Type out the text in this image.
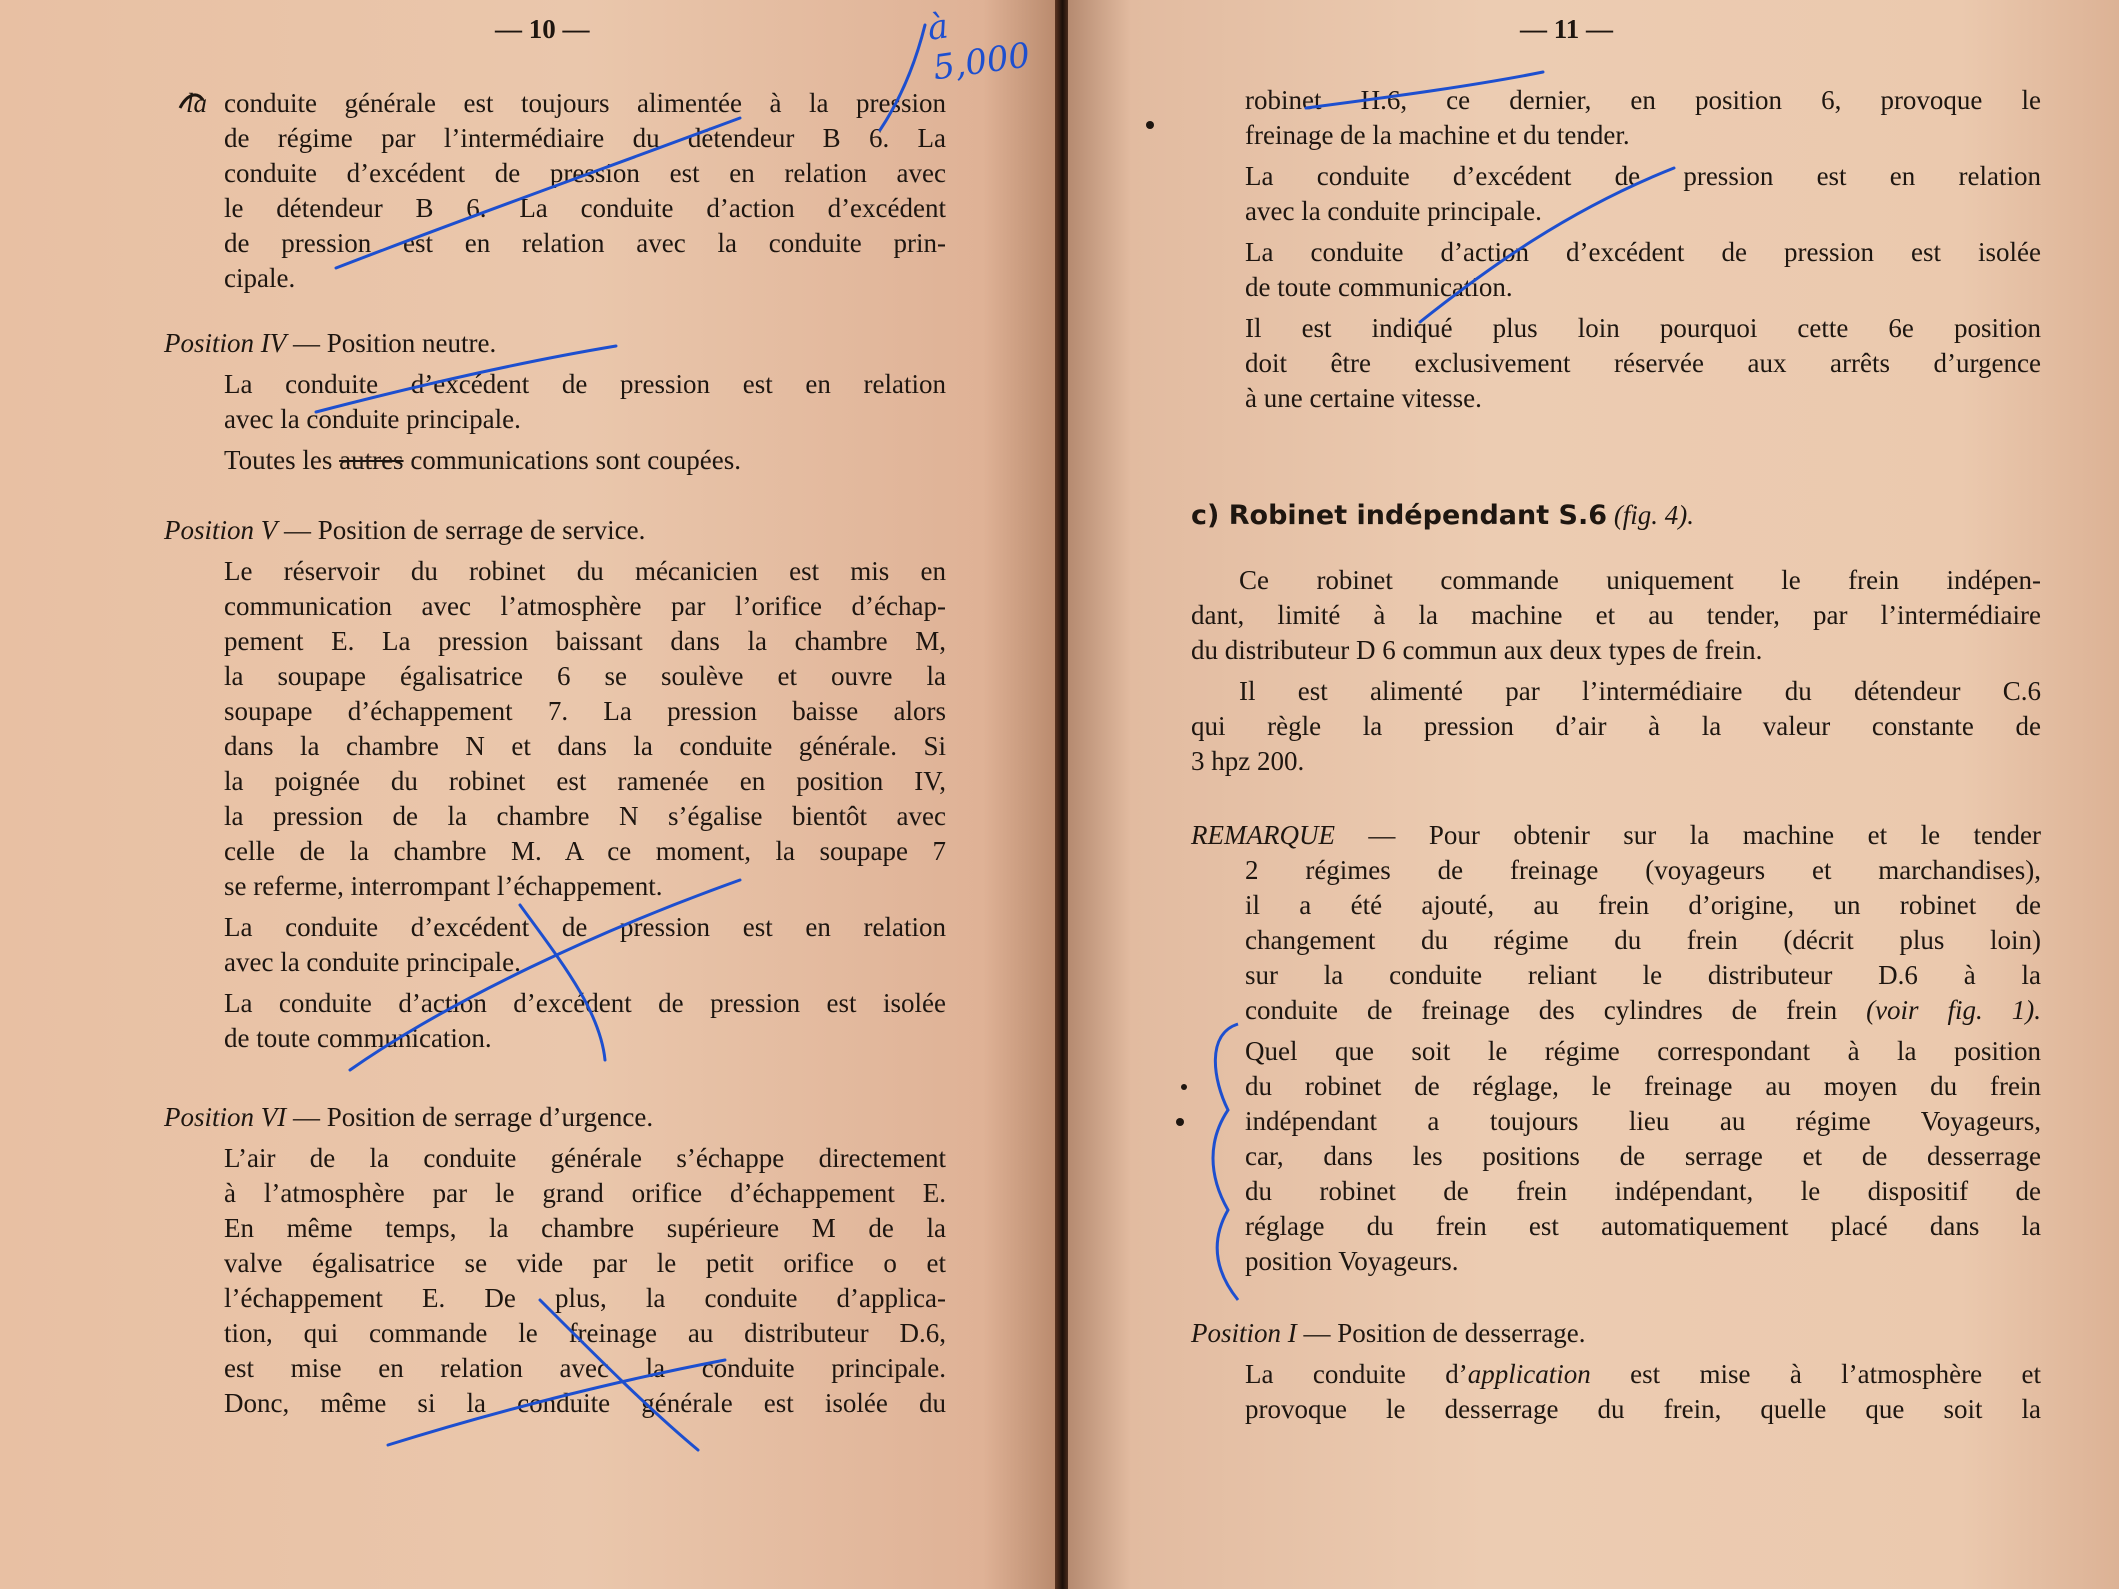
— 10 —

la conduite générale est toujours alimentée à la pression

de régime par l’intermédiaire du détendeur B 6. La

conduite d’excédent de pression est en relation avec

le détendeur B 6. La conduite d’action d’excédent

de pression est en relation avec la conduite prin-

cipale.

Position IV — Position neutre.

La conduite d’excédent de pression est en relation

avec la conduite principale.

Toutes les autres communications sont coupées.

Position V — Position de serrage de service.

Le réservoir du robinet du mécanicien est mis en

communication avec l’atmosphère par l’orifice d’échap-

pement E. La pression baissant dans la chambre M,

la soupape égalisatrice 6 se soulève et ouvre la

soupape d’échappement 7. La pression baisse alors

dans la chambre N et dans la conduite générale. Si

la poignée du robinet est ramenée en position IV,

la pression de la chambre N s’égalise bientôt avec

celle de la chambre M. A ce moment, la soupape 7

se referme, interrompant l’échappement.

La conduite d’excédent de pression est en relation

avec la conduite principale.

La conduite d’action d’excédent de pression est isolée

de toute communication.

Position VI — Position de serrage d’urgence.

L’air de la conduite générale s’échappe directement

à l’atmosphère par le grand orifice d’échappement E.

En même temps, la chambre supérieure M de la

valve égalisatrice se vide par le petit orifice o et

l’échappement E. De plus, la conduite d’applica-

tion, qui commande le freinage au distributeur D.6,

est mise en relation avec la conduite principale.

Donc, même si la conduite générale est isolée du

à 5,000
— 11 —

robinet H.6, ce dernier, en position 6, provoque le

freinage de la machine et du tender.

La conduite d’excédent de pression est en relation

avec la conduite principale.

La conduite d’action d’excédent de pression est isolée

de toute communication.

Il est indiqué plus loin pourquoi cette 6e position

doit être exclusivement réservée aux arrêts d’urgence

à une certaine vitesse.

c) Robinet indépendant S.6 (fig. 4).

Ce robinet commande uniquement le frein indépen-

dant, limité à la machine et au tender, par l’intermédiaire

du distributeur D 6 commun aux deux types de frein.

Il est alimenté par l’intermédiaire du détendeur C.6

qui règle la pression d’air à la valeur constante de

3 hpz 200.

REMARQUE — Pour obtenir sur la machine et le tender

2 régimes de freinage (voyageurs et marchandises),

il a été ajouté, au frein d’origine, un robinet de

changement du régime du frein (décrit plus loin)

sur la conduite reliant le distributeur D.6 à la

conduite de freinage des cylindres de frein (voir fig. 1).

Quel que soit le régime correspondant à la position

du robinet de réglage, le freinage au moyen du frein

indépendant a toujours lieu au régime Voyageurs,

car, dans les positions de serrage et de desserrage

du robinet de frein indépendant, le dispositif de

réglage du frein est automatiquement placé dans la

position Voyageurs.

Position I — Position de desserrage.

La conduite d’application est mise à l’atmosphère et

provoque le desserrage du frein, quelle que soit la
